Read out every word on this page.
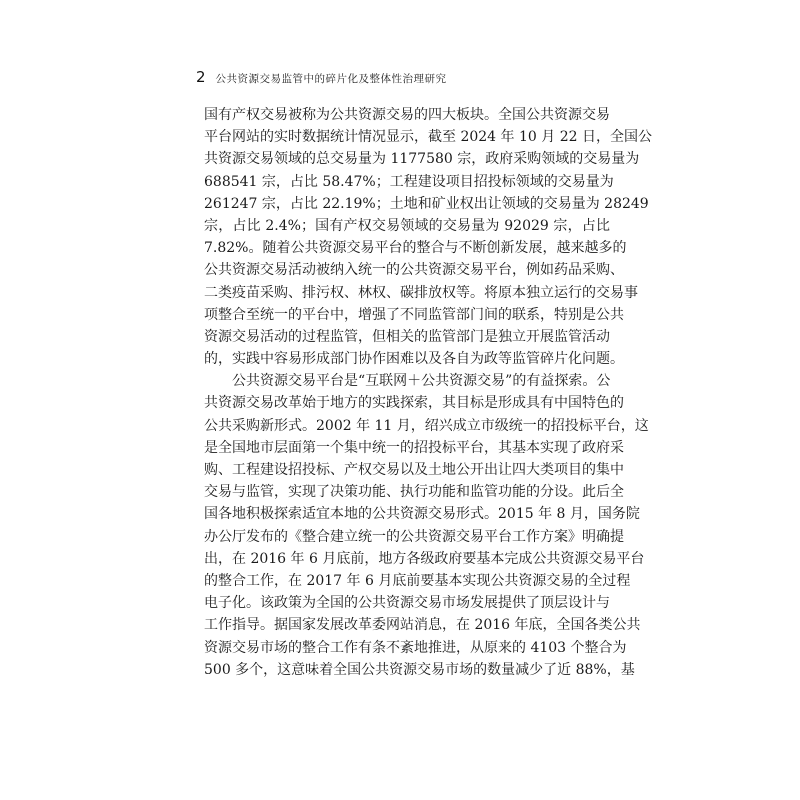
2 公共资源交易监管中的碎片化及整体性治理研究

国有产权交易被称为公共资源交易的四大板块。全国公共资源交易
平台网站的实时数据统计情况显示，截至 2024 年 10 月 22 日，全国公
共资源交易领域的总交易量为 1177580 宗，政府采购领域的交易量为
688541 宗，占比 58.47%；工程建设项目招投标领域的交易量为
261247 宗，占比 22.19%；土地和矿业权出让领域的交易量为 28249
宗，占比 2.4%；国有产权交易领域的交易量为 92029 宗，占比
7.82%。随着公共资源交易平台的整合与不断创新发展，越来越多的
公共资源交易活动被纳入统一的公共资源交易平台，例如药品采购、
二类疫苗采购、排污权、林权、碳排放权等。将原本独立运行的交易事
项整合至统一的平台中，增强了不同监管部门间的联系，特别是公共
资源交易活动的过程监管，但相关的监管部门是独立开展监管活动
的，实践中容易形成部门协作困难以及各自为政等监管碎片化问题。

公共资源交易平台是“互联网＋公共资源交易”的有益探索。公
共资源交易改革始于地方的实践探索，其目标是形成具有中国特色的
公共采购新形式。2002 年 11 月，绍兴成立市级统一的招投标平台，这
是全国地市层面第一个集中统一的招投标平台，其基本实现了政府采
购、工程建设招投标、产权交易以及土地公开出让四大类项目的集中
交易与监管，实现了决策功能、执行功能和监管功能的分设。此后全
国各地积极探索适宜本地的公共资源交易形式。2015 年 8 月，国务院
办公厅发布的《整合建立统一的公共资源交易平台工作方案》明确提
出，在 2016 年 6 月底前，地方各级政府要基本完成公共资源交易平台
的整合工作，在 2017 年 6 月底前要基本实现公共资源交易的全过程
电子化。该政策为全国的公共资源交易市场发展提供了顶层设计与
工作指导。据国家发展改革委网站消息，在 2016 年底，全国各类公共
资源交易市场的整合工作有条不紊地推进，从原来的 4103 个整合为
500 多个，这意味着全国公共资源交易市场的数量减少了近 88%，基
